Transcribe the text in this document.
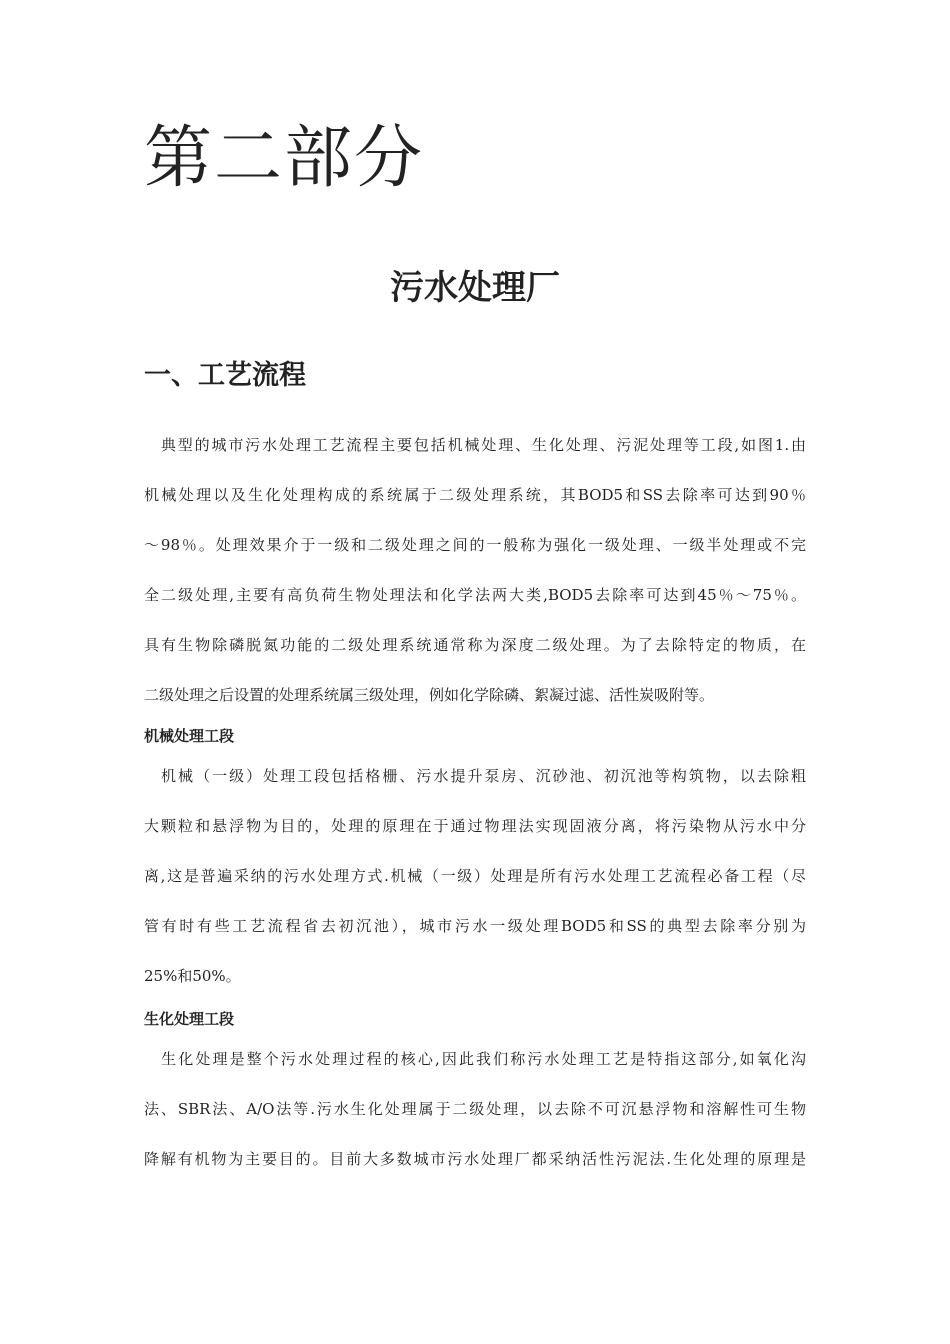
第二部分
污水处理厂
一、工艺流程
　典型的城市污水处理工艺流程主要包括机械处理、生化处理、污泥处理等工段,如图1.由
机械处理以及生化处理构成的系统属于二级处理系统，其BOD5和SS去除率可达到90％
～98％。处理效果介于一级和二级处理之间的一般称为强化一级处理、一级半处理或不完
全二级处理,主要有高负荷生物处理法和化学法两大类,BOD5去除率可达到45％～75％。
具有生物除磷脱氮功能的二级处理系统通常称为深度二级处理。为了去除特定的物质，在
二级处理之后设置的处理系统属三级处理，例如化学除磷、絮凝过滤、活性炭吸附等。
机械处理工段
　机械（一级）处理工段包括格栅、污水提升泵房、沉砂池、初沉池等构筑物，以去除粗
大颗粒和悬浮物为目的，处理的原理在于通过物理法实现固液分离，将污染物从污水中分
离,这是普遍采纳的污水处理方式.机械（一级）处理是所有污水处理工艺流程必备工程（尽
管有时有些工艺流程省去初沉池），城市污水一级处理BOD5和SS的典型去除率分别为
25%和50%。
生化处理工段
　生化处理是整个污水处理过程的核心,因此我们称污水处理工艺是特指这部分,如氧化沟
法、SBR法、A/O法等.污水生化处理属于二级处理，以去除不可沉悬浮物和溶解性可生物
降解有机物为主要目的。目前大多数城市污水处理厂都采纳活性污泥法.生化处理的原理是
